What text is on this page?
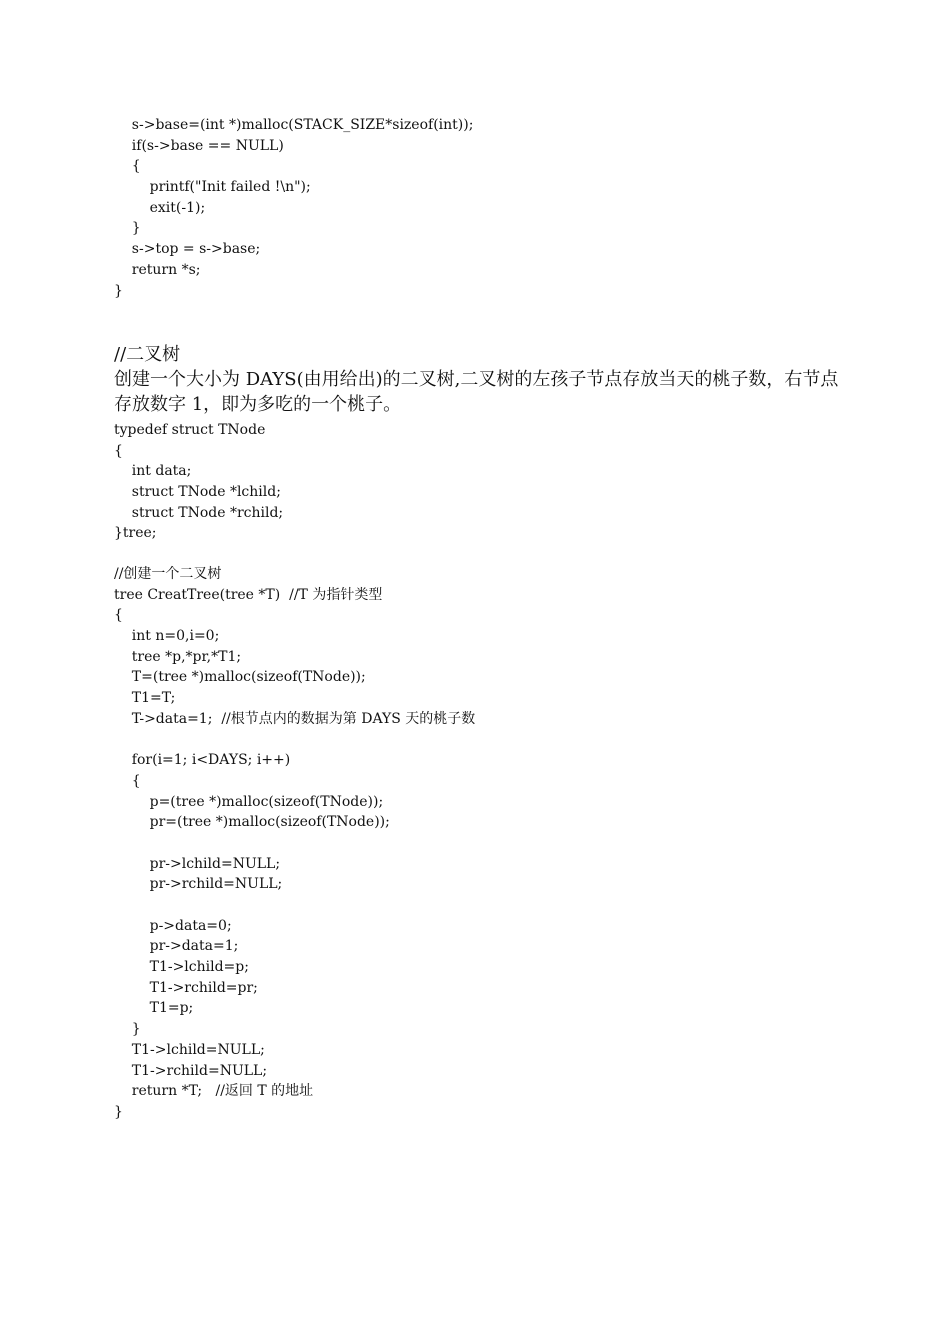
s->base=(int *)malloc(STACK_SIZE*sizeof(int));
if(s->base == NULL)
{
printf("Init failed !\n");
exit(-1);
}
s->top = s->base;
return *s;
}
//二叉树
创建一个大小为 DAYS(由用给出)的二叉树,二叉树的左孩子节点存放当天的桃子数，右节点存放数字 1，即为多吃的一个桃子。
typedef struct TNode
{
int data;
struct TNode *lchild;
struct TNode *rchild;
}tree;
//创建一个二叉树
tree CreatTree(tree *T)  //T 为指针类型
{
int n=0,i=0;
tree *p,*pr,*T1;
T=(tree *)malloc(sizeof(TNode));
T1=T;
T->data=1;  //根节点内的数据为第 DAYS 天的桃子数
for(i=1; i<DAYS; i++)
{
p=(tree *)malloc(sizeof(TNode));
pr=(tree *)malloc(sizeof(TNode));
pr->lchild=NULL;
pr->rchild=NULL;
p->data=0;
pr->data=1;
T1->lchild=p;
T1->rchild=pr;
T1=p;
}
T1->lchild=NULL;
T1->rchild=NULL;
return *T;   //返回 T 的地址
}
